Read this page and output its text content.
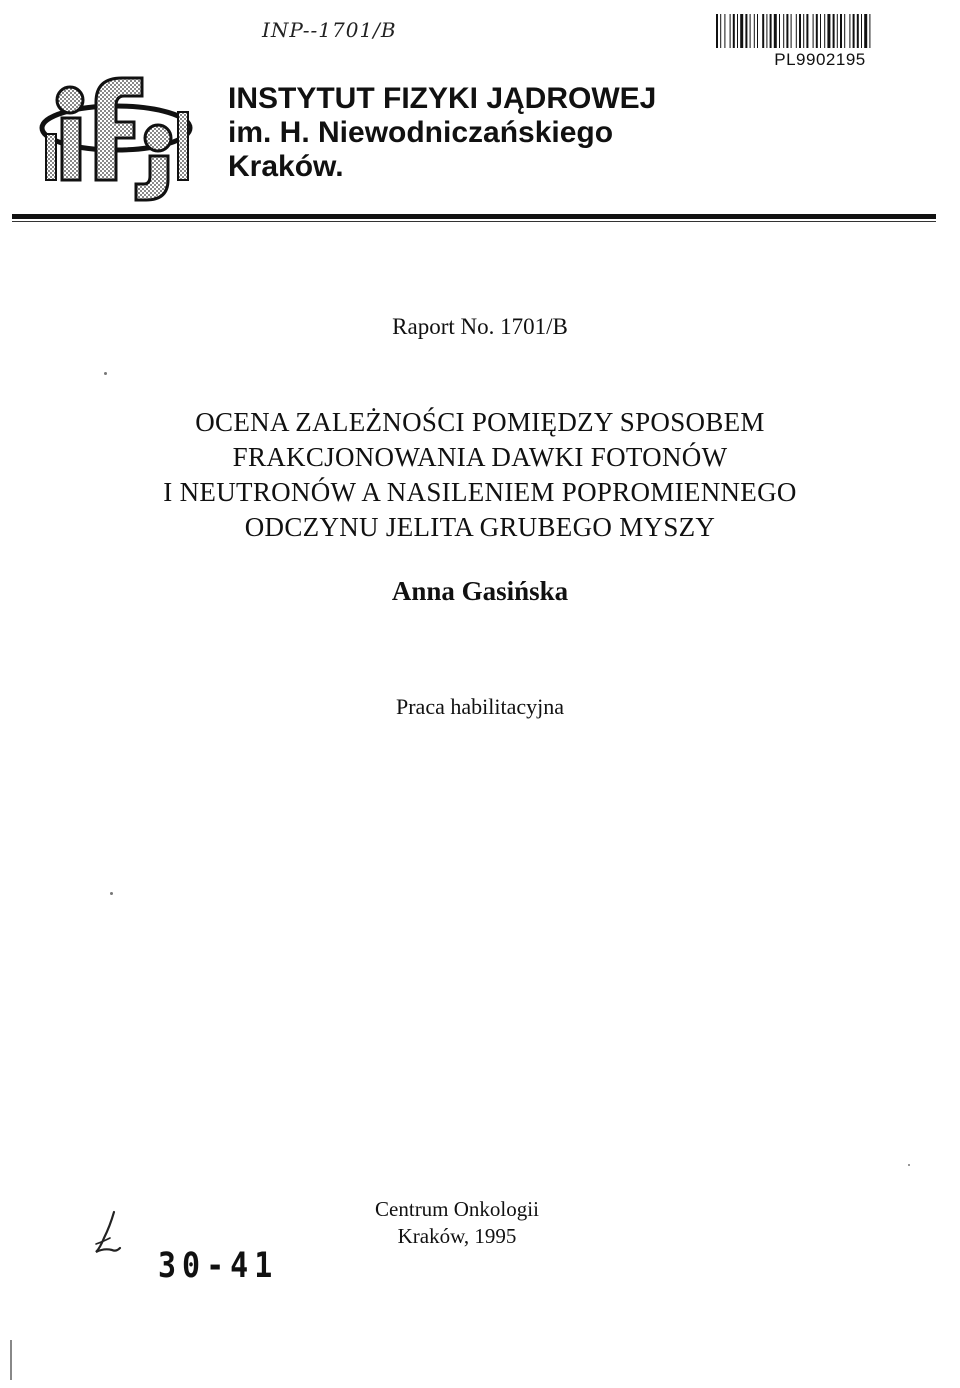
INP--1701/B
PL9902195
INSTYTUT FIZYKI JĄDROWEJ
im. H. Niewodniczańskiego
Kraków.
Raport No. 1701/B
OCENA ZALEŻNOŚCI POMIĘDZY SPOSOBEM
FRAKCJONOWANIA DAWKI FOTONÓW
I NEUTRONÓW A NASILENIEM POPROMIENNEGO
ODCZYNU JELITA GRUBEGO MYSZY
Anna Gasińska
Praca habilitacyjna
Centrum Onkologii
Kraków, 1995
30-41
